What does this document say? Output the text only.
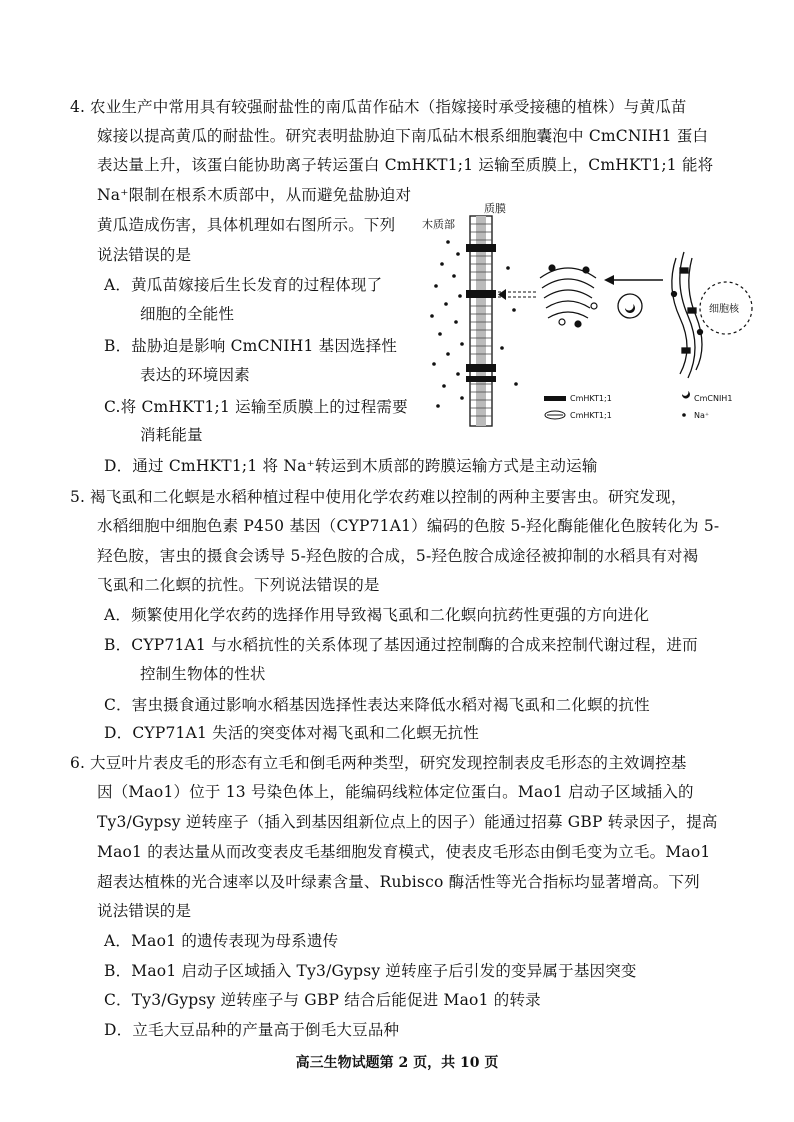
4. 农业生产中常用具有较强耐盐性的南瓜苗作砧木（指嫁接时承受接穗的植株）与黄瓜苗
嫁接以提高黄瓜的耐盐性。研究表明盐胁迫下南瓜砧木根系细胞囊泡中 CmCNIH1 蛋白
表达量上升，该蛋白能协助离子转运蛋白 CmHKT1;1 运输至质膜上，CmHKT1;1 能将
Na⁺限制在根系木质部中，从而避免盐胁迫对
黄瓜造成伤害，具体机理如右图所示。下列
说法错误的是
A．黄瓜苗嫁接后生长发育的过程体现了
细胞的全能性
B．盐胁迫是影响 CmCNIH1 基因选择性
表达的环境因素
C.将 CmHKT1;1 运输至质膜上的过程需要
消耗能量
D．通过 CmHKT1;1 将 Na⁺转运到木质部的跨膜运输方式是主动运输
木质部
质膜
细胞核
CmHKT1;1	CmCNIH1
CmHKT1;1	Na⁺
5. 褐飞虱和二化螟是水稻种植过程中使用化学农药难以控制的两种主要害虫。研究发现，
水稻细胞中细胞色素 P450 基因（CYP71A1）编码的色胺 5-羟化酶能催化色胺转化为 5-
羟色胺，害虫的摄食会诱导 5-羟色胺的合成，5-羟色胺合成途径被抑制的水稻具有对褐
飞虱和二化螟的抗性。下列说法错误的是
A．频繁使用化学农药的选择作用导致褐飞虱和二化螟向抗药性更强的方向进化
B．CYP71A1 与水稻抗性的关系体现了基因通过控制酶的合成来控制代谢过程，进而
控制生物体的性状
C．害虫摄食通过影响水稻基因选择性表达来降低水稻对褐飞虱和二化螟的抗性
D．CYP71A1 失活的突变体对褐飞虱和二化螟无抗性
6. 大豆叶片表皮毛的形态有立毛和倒毛两种类型，研究发现控制表皮毛形态的主效调控基
因（Mao1）位于 13 号染色体上，能编码线粒体定位蛋白。Mao1 启动子区域插入的
Ty3/Gypsy 逆转座子（插入到基因组新位点上的因子）能通过招募 GBP 转录因子，提高
Mao1 的表达量从而改变表皮毛基细胞发育模式，使表皮毛形态由倒毛变为立毛。Mao1
超表达植株的光合速率以及叶绿素含量、Rubisco 酶活性等光合指标均显著增高。下列
说法错误的是
A．Mao1 的遗传表现为母系遗传
B．Mao1 启动子区域插入 Ty3/Gypsy 逆转座子后引发的变异属于基因突变
C．Ty3/Gypsy 逆转座子与 GBP 结合后能促进 Mao1 的转录
D．立毛大豆品种的产量高于倒毛大豆品种
高三生物试题第 2 页，共 10 页
